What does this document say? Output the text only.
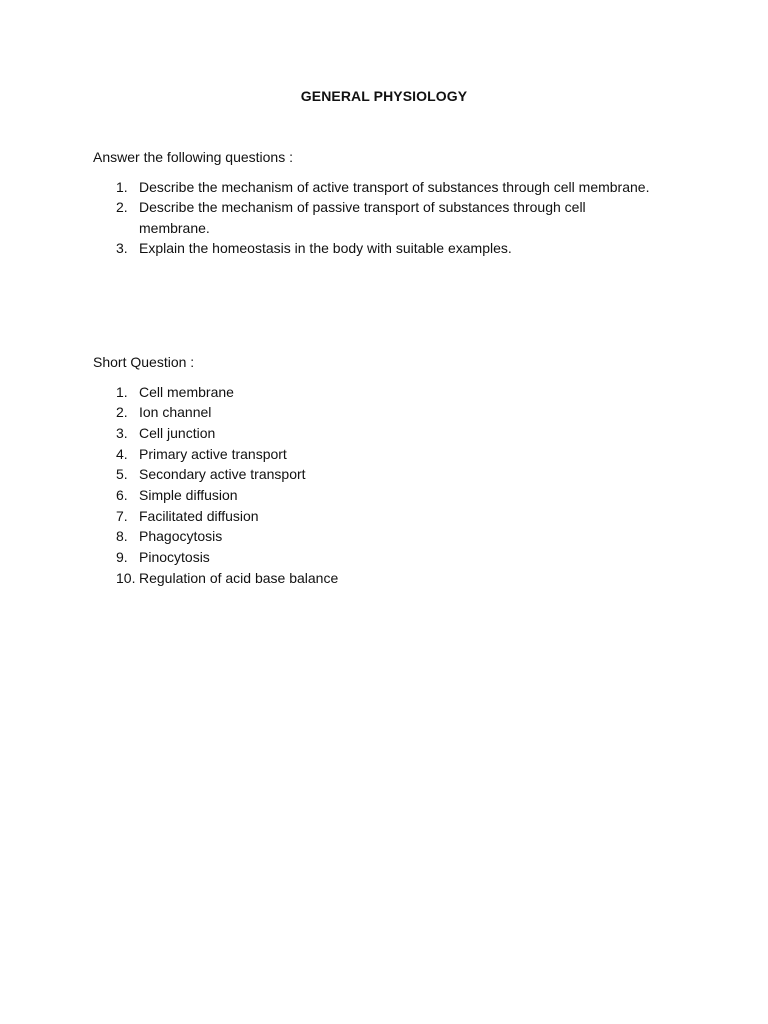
GENERAL PHYSIOLOGY

Answer the following questions :

1. Describe the mechanism of active transport of substances through cell membrane.
2. Describe the mechanism of passive transport of substances through cell membrane.
3. Explain the homeostasis in the body with suitable examples.

Short Question :

1. Cell membrane
2. Ion channel
3. Cell junction
4. Primary active transport
5. Secondary active transport
6. Simple diffusion
7. Facilitated diffusion
8. Phagocytosis
9. Pinocytosis
10. Regulation of acid base balance
